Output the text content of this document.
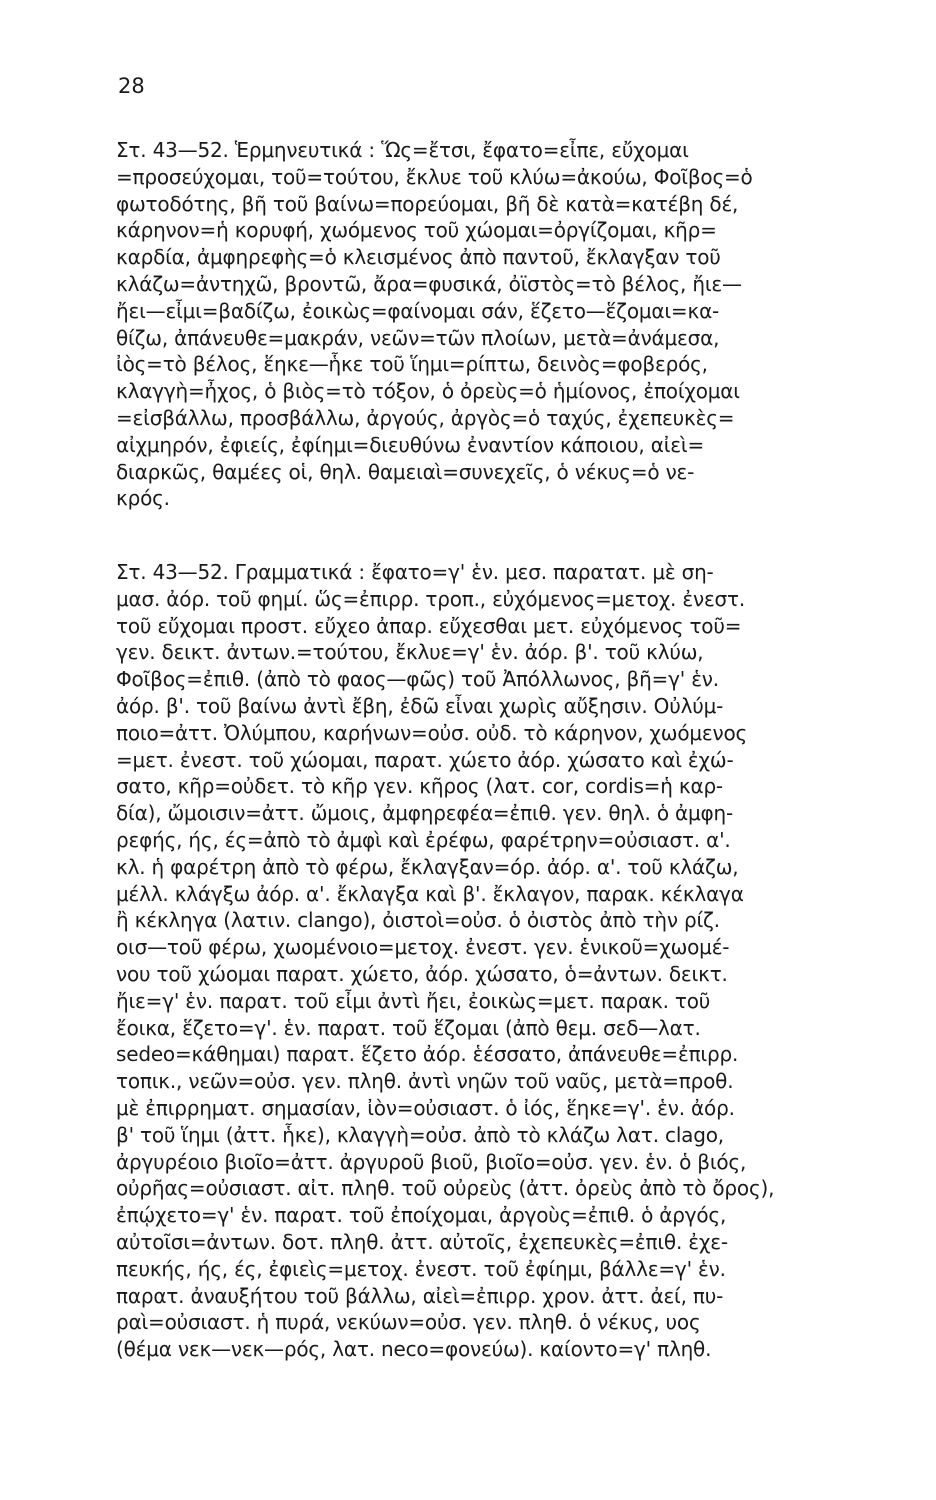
28
Στ. 43—52. Ἑρμηνευτικά : Ὥς=ἔτσι, ἔφατο=εἶπε, εὔχομαι
=προσεύχομαι, τοῦ=τούτου, ἔκλυε τοῦ κλύω=ἀκούω, Φοῖβος=ὁ
φωτοδότης, βῆ τοῦ βαίνω=πορεύομαι, βῆ δὲ κατὰ=κατέβη δέ,
κάρηνον=ἡ κορυφή, χωόμενος τοῦ χώομαι=ὀργίζομαι, κῆρ=
καρδία, ἀμφηρεφὴς=ὁ κλεισμένος ἀπὸ παντοῦ, ἔκλαγξαν τοῦ
κλάζω=ἀντηχῶ, βροντῶ, ἄρα=φυσικά, ὀϊστὸς=τὸ βέλος, ἤιε—
ἤει—εἶμι=βαδίζω, ἐοικὼς=φαίνομαι σάν, ἕζετο—ἕζομαι=κα-
θίζω, ἀπάνευθε=μακράν, νεῶν=τῶν πλοίων, μετὰ=ἀνάμεσα,
ἰὸς=τὸ βέλος, ἕηκε—ἧκε τοῦ ἵημι=ρίπτω, δεινὸς=φοβερός,
κλαγγὴ=ἦχος, ὁ βιὸς=τὸ τόξον, ὁ ὀρεὺς=ὁ ἡμίονος, ἐποίχομαι
=εἰσβάλλω, προσβάλλω, ἀργούς, ἀργὸς=ὁ ταχύς, ἐχεπευκὲς=
αἰχμηρόν, ἐφιείς, ἐφίημι=διευθύνω ἐναντίον κάποιου, αἰεὶ=
διαρκῶς, θαμέες οἱ, θηλ. θαμειαὶ=συνεχεῖς, ὁ νέκυς=ὁ νε-
κρός.
Στ. 43—52. Γραμματικά : ἔφατο=γ' ἑν. μεσ. παρατατ. μὲ ση-
μασ. ἀόρ. τοῦ φημί. ὥς=ἐπιρρ. τροπ., εὐχόμενος=μετοχ. ἐνεστ.
τοῦ εὔχομαι προστ. εὔχεο ἀπαρ. εὔχεσθαι μετ. εὐχόμενος τοῦ=
γεν. δεικτ. ἀντων.=τούτου, ἔκλυε=γ' ἑν. ἀόρ. β'. τοῦ κλύω,
Φοῖβος=ἐπιθ. (ἀπὸ τὸ φαος—φῶς) τοῦ Ἀπόλλωνος, βῆ=γ' ἑν.
ἀόρ. β'. τοῦ βαίνω ἀντὶ ἔβη, ἐδῶ εἶναι χωρὶς αὔξησιν. Οὐλύμ-
ποιο=ἀττ. Ὀλύμπου, καρήνων=οὐσ. οὐδ. τὸ κάρηνον, χωόμενος
=μετ. ἐνεστ. τοῦ χώομαι, παρατ. χώετο ἀόρ. χώσατο καὶ ἐχώ-
σατο, κῆρ=οὐδετ. τὸ κῆρ γεν. κῆρος (λατ. cor, cordis=ἡ καρ-
δία), ὤμοισιν=ἀττ. ὤμοις, ἀμφηρεφέα=ἐπιθ. γεν. θηλ. ὁ ἀμφη-
ρεφής, ής, ές=ἀπὸ τὸ ἀμφὶ καὶ ἐρέφω, φαρέτρην=οὐσιαστ. α'.
κλ. ἡ φαρέτρη ἀπὸ τὸ φέρω, ἔκλαγξαν=όρ. ἀόρ. α'. τοῦ κλάζω,
μέλλ. κλάγξω ἀόρ. α'. ἔκλαγξα καὶ β'. ἔκλαγον, παρακ. κέκλαγα
ἢ κέκληγα (λατιν. clango), ὀιστοὶ=οὐσ. ὁ ὀιστὸς ἀπὸ τὴν ρίζ.
οισ—τοῦ φέρω, χωομένοιο=μετοχ. ἐνεστ. γεν. ἑνικοῦ=χωομέ-
νου τοῦ χώομαι παρατ. χώετο, ἀόρ. χώσατο, ὁ=ἀντων. δεικτ.
ἤιε=γ' ἑν. παρατ. τοῦ εἶμι ἀντὶ ἤει, ἐοικὼς=μετ. παρακ. τοῦ
ἔοικα, ἕζετο=γ'. ἑν. παρατ. τοῦ ἕζομαι (ἀπὸ θεμ. σεδ—λατ.
sedeo=κάθημαι) παρατ. ἕζετο ἀόρ. ἑέσσατο, ἀπάνευθε=ἐπιρρ.
τοπικ., νεῶν=οὐσ. γεν. πληθ. ἀντὶ νηῶν τοῦ ναῦς, μετὰ=προθ.
μὲ ἐπιρρηματ. σημασίαν, ἰὸν=οὐσιαστ. ὁ ἰός, ἕηκε=γ'. ἑν. ἀόρ.
β' τοῦ ἵημι (ἀττ. ἧκε), κλαγγὴ=οὐσ. ἀπὸ τὸ κλάζω λατ. clago,
ἀργυρέοιο βιοῖο=ἀττ. ἀργυροῦ βιοῦ, βιοῖο=οὐσ. γεν. ἑν. ὁ βιός,
οὐρῆας=οὐσιαστ. αἰτ. πληθ. τοῦ οὐρεὺς (ἀττ. ὀρεὺς ἀπὸ τὸ ὄρος),
ἐπῴχετο=γ' ἑν. παρατ. τοῦ ἐποίχομαι, ἀργοὺς=ἐπιθ. ὁ ἀργός,
αὐτοῖσι=ἀντων. δοτ. πληθ. ἀττ. αὐτοῖς, ἐχεπευκὲς=ἐπιθ. ἐχε-
πευκής, ής, ές, ἐφιεὶς=μετοχ. ἐνεστ. τοῦ ἐφίημι, βάλλε=γ' ἑν.
παρατ. ἀναυξήτου τοῦ βάλλω, αἰεὶ=ἐπιρρ. χρον. ἀττ. ἀεί, πυ-
ραὶ=οὐσιαστ. ἡ πυρά, νεκύων=οὐσ. γεν. πληθ. ὁ νέκυς, υος
(θέμα νεκ—νεκ—ρός, λατ. neco=φονεύω). καίοντο=γ' πληθ.
